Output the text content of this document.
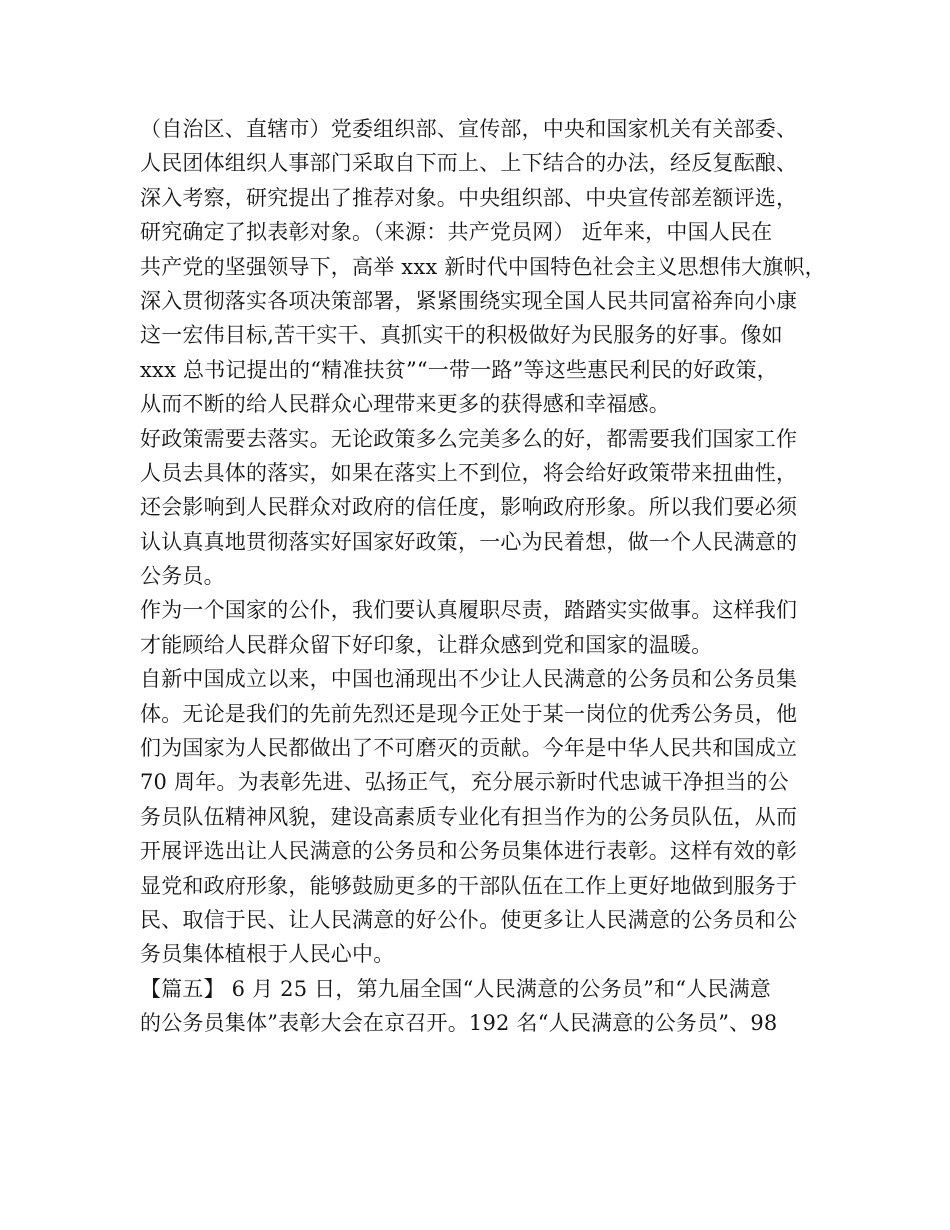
（自治区、直辖市）党委组织部、宣传部，中央和国家机关有关部委、
人民团体组织人事部门采取自下而上、上下结合的办法，经反复酝酿、
深入考察，研究提出了推荐对象。中央组织部、中央宣传部差额评选，
研究确定了拟表彰对象。（来源：共产党员网） 近年来，中国人民在
共产党的坚强领导下，高举 xxx 新时代中国特色社会主义思想伟大旗帜，
深入贯彻落实各项决策部署，紧紧围绕实现全国人民共同富裕奔向小康
这一宏伟目标,苦干实干、真抓实干的积极做好为民服务的好事。像如
xxx 总书记提出的“精准扶贫”“一带一路”等这些惠民利民的好政策，
从而不断的给人民群众心理带来更多的获得感和幸福感。
好政策需要去落实。无论政策多么完美多么的好，都需要我们国家工作
人员去具体的落实，如果在落实上不到位，将会给好政策带来扭曲性，
还会影响到人民群众对政府的信任度，影响政府形象。所以我们要必须
认认真真地贯彻落实好国家好政策，一心为民着想，做一个人民满意的
公务员。
作为一个国家的公仆，我们要认真履职尽责，踏踏实实做事。这样我们
才能顾给人民群众留下好印象，让群众感到党和国家的温暖。
自新中国成立以来，中国也涌现出不少让人民满意的公务员和公务员集
体。无论是我们的先前先烈还是现今正处于某一岗位的优秀公务员，他
们为国家为人民都做出了不可磨灭的贡献。今年是中华人民共和国成立
70 周年。为表彰先进、弘扬正气，充分展示新时代忠诚干净担当的公
务员队伍精神风貌，建设高素质专业化有担当作为的公务员队伍，从而
开展评选出让人民满意的公务员和公务员集体进行表彰。这样有效的彰
显党和政府形象，能够鼓励更多的干部队伍在工作上更好地做到服务于
民、取信于民、让人民满意的好公仆。使更多让人民满意的公务员和公
务员集体植根于人民心中。
【篇五】 6 月 25 日，第九届全国“人民满意的公务员”和“人民满意
的公务员集体”表彰大会在京召开。192 名“人民满意的公务员”、98
